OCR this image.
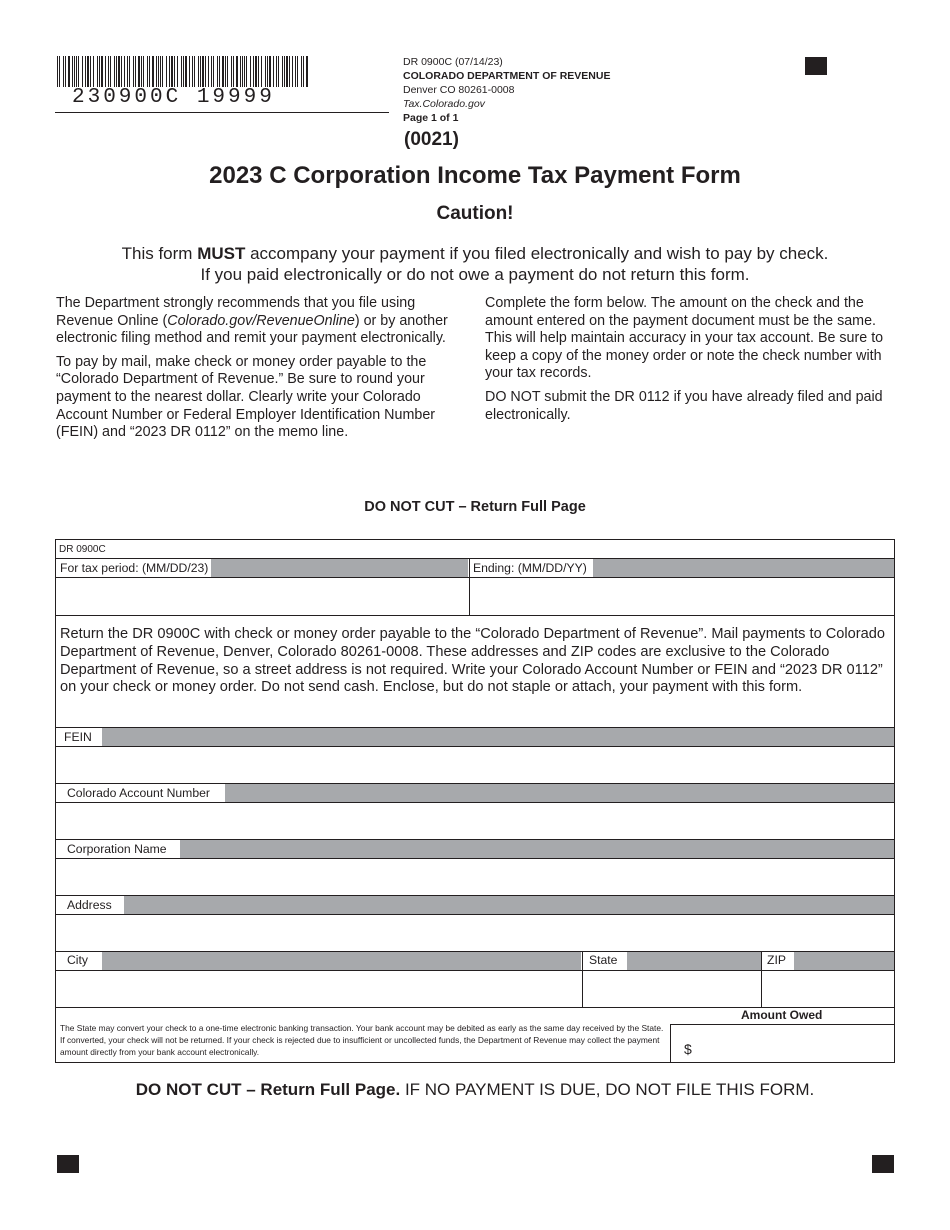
230900C 19999
DR 0900C (07/14/23)
COLORADO DEPARTMENT OF REVENUE
Denver CO 80261-0008
Tax.Colorado.gov
Page 1 of 1
(0021)
2023 C Corporation Income Tax Payment Form
Caution!
This form MUST accompany your payment if you filed electronically and wish to pay by check.
If you paid electronically or do not owe a payment do not return this form.

The Department strongly recommends that you file using Revenue Online (Colorado.gov/RevenueOnline) or by another electronic filing method and remit your payment electronically.

To pay by mail, make check or money order payable to the “Colorado Department of Revenue.” Be sure to round your payment to the nearest dollar. Clearly write your Colorado Account Number or Federal Employer Identification Number (FEIN) and “2023 DR 0112” on the memo line.

Complete the form below. The amount on the check and the amount entered on the payment document must be the same. This will help maintain accuracy in your tax account. Be sure to keep a copy of the money order or note the check number with your tax records.

DO NOT submit the DR 0112 if you have already filed and paid electronically.

DO NOT CUT – Return Full Page
DR 0900C
For tax period: (MM/DD/23)	Ending: (MM/DD/YY)
Return the DR 0900C with check or money order payable to the “Colorado Department of Revenue”. Mail payments to Colorado Department of Revenue, Denver, Colorado 80261-0008. These addresses and ZIP codes are exclusive to the Colorado Department of Revenue, so a street address is not required. Write your Colorado Account Number or FEIN and “2023 DR 0112” on your check or money order. Do not send cash. Enclose, but do not staple or attach, your payment with this form.
FEIN
Colorado Account Number
Corporation Name
Address
City	State	ZIP
The State may convert your check to a one-time electronic banking transaction. Your bank account may be debited as early as the same day received by the State. If converted, your check will not be returned. If your check is rejected due to insufficient or uncollected funds, the Department of Revenue may collect the payment amount directly from your bank account electronically.
Amount Owed
$
DO NOT CUT – Return Full Page. IF NO PAYMENT IS DUE, DO NOT FILE THIS FORM.
